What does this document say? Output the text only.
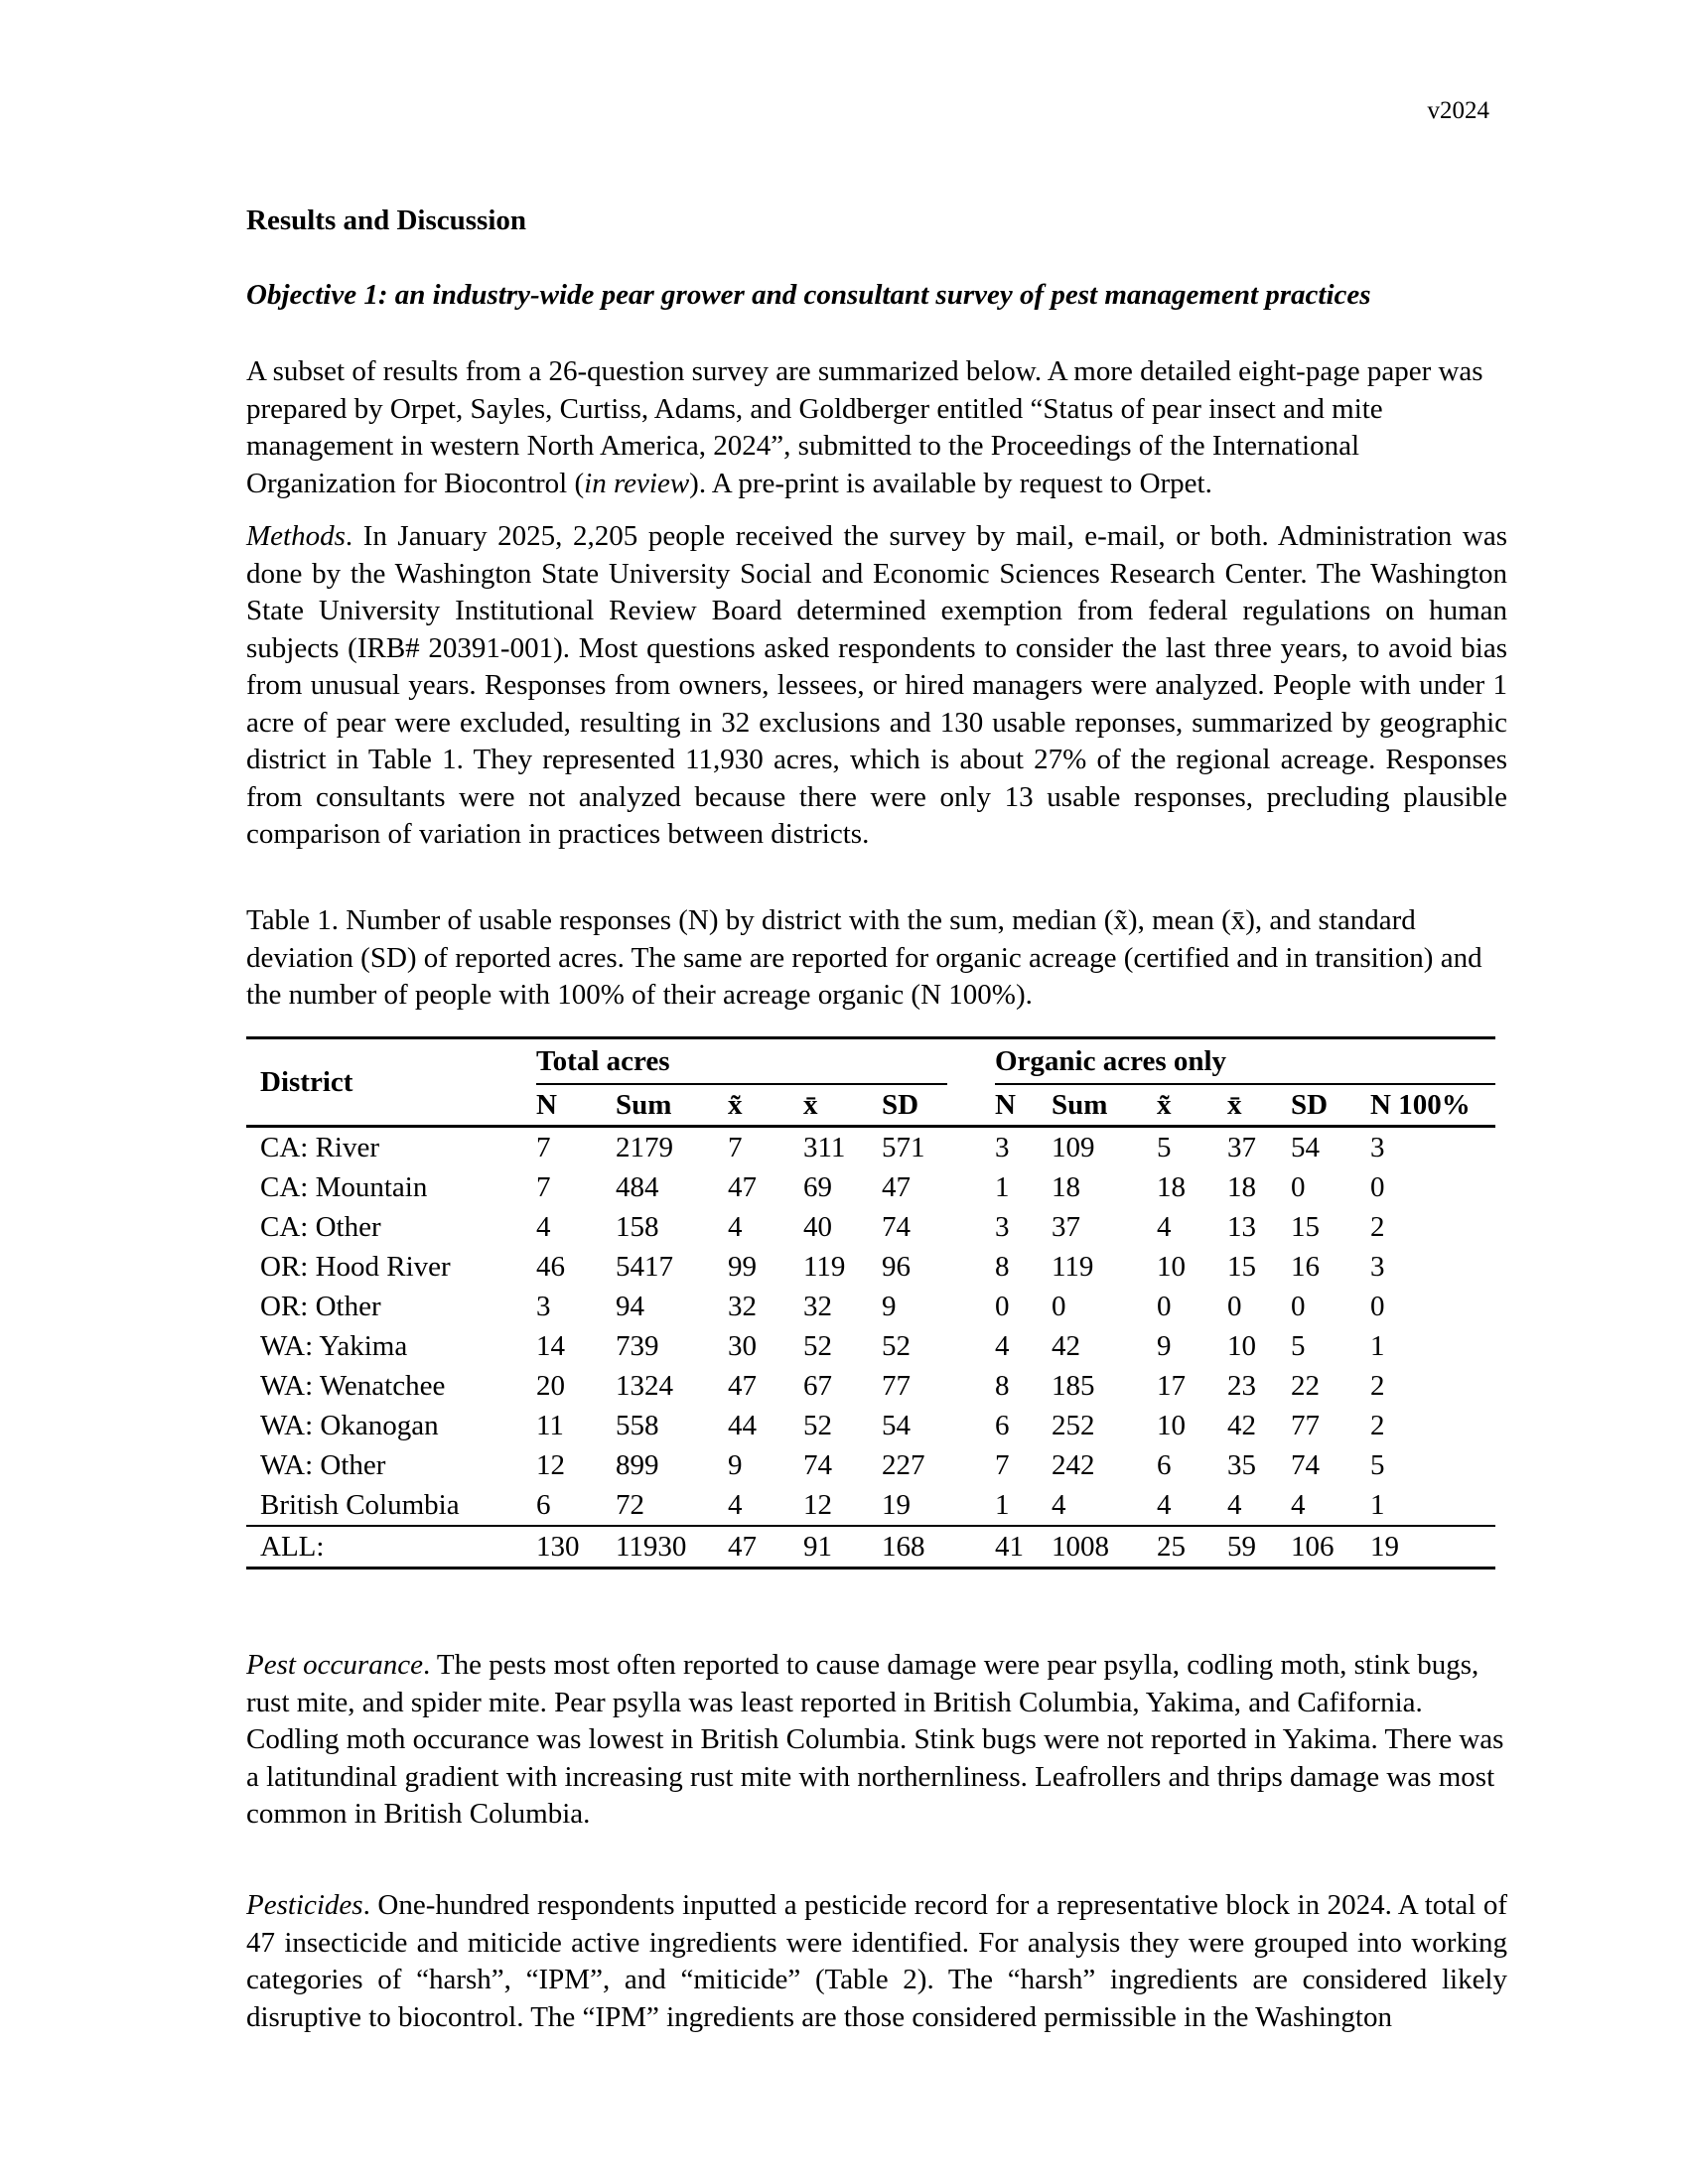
v2024
Results and Discussion
Objective 1: an industry-wide pear grower and consultant survey of pest management practices
A subset of results from a 26-question survey are summarized below. A more detailed eight-page paper was prepared by Orpet, Sayles, Curtiss, Adams, and Goldberger entitled “Status of pear insect and mite management in western North America, 2024”, submitted to the Proceedings of the International Organization for Biocontrol (in review). A pre-print is available by request to Orpet.
Methods. In January 2025, 2,205 people received the survey by mail, e-mail, or both. Administration was done by the Washington State University Social and Economic Sciences Research Center. The Washington State University Institutional Review Board determined exemption from federal regulations on human subjects (IRB# 20391-001). Most questions asked respondents to consider the last three years, to avoid bias from unusual years. Responses from owners, lessees, or hired managers were analyzed. People with under 1 acre of pear were excluded, resulting in 32 exclusions and 130 usable reponses, summarized by geographic district in Table 1. They represented 11,930 acres, which is about 27% of the regional acreage. Responses from consultants were not analyzed because there were only 13 usable responses, precluding plausible comparison of variation in practices between districts.
Table 1. Number of usable responses (N) by district with the sum, median (x̃), mean (x̄), and standard deviation (SD) of reported acres. The same are reported for organic acreage (certified and in transition) and the number of people with 100% of their acreage organic (N 100%).
District	Total acres						Organic acres only					
	N	Sum	x̃	x̄	SD		N	Sum	x̃	x̄	SD	N 100%
CA: River	7	2179	7	311	571		3	109	5	37	54	3
CA: Mountain	7	484	47	69	47		1	18	18	18	0	0
CA: Other	4	158	4	40	74		3	37	4	13	15	2
OR: Hood River	46	5417	99	119	96		8	119	10	15	16	3
OR: Other	3	94	32	32	9		0	0	0	0	0	0
WA: Yakima	14	739	30	52	52		4	42	9	10	5	1
WA: Wenatchee	20	1324	47	67	77		8	185	17	23	22	2
WA: Okanogan	11	558	44	52	54		6	252	10	42	77	2
WA: Other	12	899	9	74	227		7	242	6	35	74	5
British Columbia	6	72	4	12	19		1	4	4	4	4	1
ALL:	130	11930	47	91	168		41	1008	25	59	106	19
Pest occurance. The pests most often reported to cause damage were pear psylla, codling moth, stink bugs, rust mite, and spider mite. Pear psylla was least reported in British Columbia, Yakima, and Cafifornia. Codling moth occurance was lowest in British Columbia. Stink bugs were not reported in Yakima. There was a latitundinal gradient with increasing rust mite with northernliness. Leafrollers and thrips damage was most common in British Columbia.
Pesticides. One-hundred respondents inputted a pesticide record for a representative block in 2024. A total of 47 insecticide and miticide active ingredients were identified. For analysis they were grouped into working categories of “harsh”, “IPM”, and “miticide” (Table 2). The “harsh” ingredients are considered likely disruptive to biocontrol. The “IPM” ingredients are those considered permissible in the Washington
